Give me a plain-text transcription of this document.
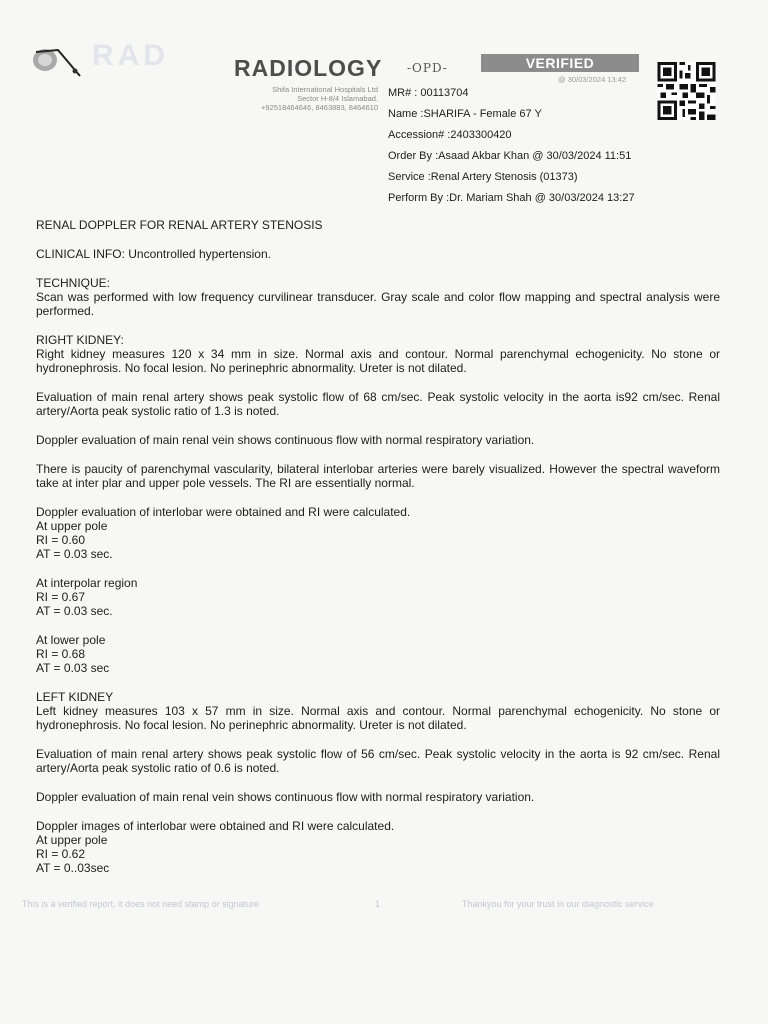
RAD	RADIOLOGY -OPD-
Shifa International Hospitals Ltd
Sector H-8/4 Islamabad.
+92518464646, 8463883, 8464610
VERIFIED
@ 30/03/2024 13:42
MR# : 00113704
Name :SHARIFA - Female 67 Y
Accession# :2403300420
Order By :Asaad Akbar Khan @ 30/03/2024 11:51
Service :Renal Artery Stenosis (01373)
Perform By :Dr. Mariam Shah @ 30/03/2024 13:27

RENAL DOPPLER FOR RENAL ARTERY STENOSIS

CLINICAL INFO: Uncontrolled hypertension.

TECHNIQUE:

Scan was performed with low frequency curvilinear transducer. Gray scale and color flow mapping and spectral analysis were performed.

RIGHT KIDNEY:

Right kidney measures 120 x 34 mm in size. Normal axis and contour. Normal parenchymal echogenicity. No stone or hydronephrosis. No focal lesion. No perinephric abnormality. Ureter is not dilated.

Evaluation of main renal artery shows peak systolic flow of 68 cm/sec. Peak systolic velocity in the aorta is92 cm/sec. Renal artery/Aorta peak systolic ratio of 1.3 is noted.

Doppler evaluation of main renal vein shows continuous flow with normal respiratory variation.

There is paucity of parenchymal vascularity, bilateral interlobar arteries were barely visualized. However the spectral waveform take at inter plar and upper pole vessels. The RI are essentially normal.

Doppler evaluation of interlobar were obtained and RI were calculated.

At upper pole
RI = 0.60
AT = 0.03 sec.
At interpolar region
RI = 0.67
AT = 0.03 sec.
At lower pole
RI = 0.68
AT = 0.03 sec

LEFT KIDNEY

Left kidney measures 103 x 57 mm in size. Normal axis and contour. Normal parenchymal echogenicity. No stone or hydronephrosis. No focal lesion. No perinephric abnormality. Ureter is not dilated.

Evaluation of main renal artery shows peak systolic flow of 56 cm/sec. Peak systolic velocity in the aorta is 92 cm/sec. Renal artery/Aorta peak systolic ratio of 0.6 is noted.

Doppler evaluation of main renal vein shows continuous flow with normal respiratory variation.

Doppler images of interlobar were obtained and RI were calculated.

At upper pole
RI = 0.62
AT = 0..03sec
This is a verified report, it does not need stamp or signature	1	Thankyou for your trust in our diagnostic service
